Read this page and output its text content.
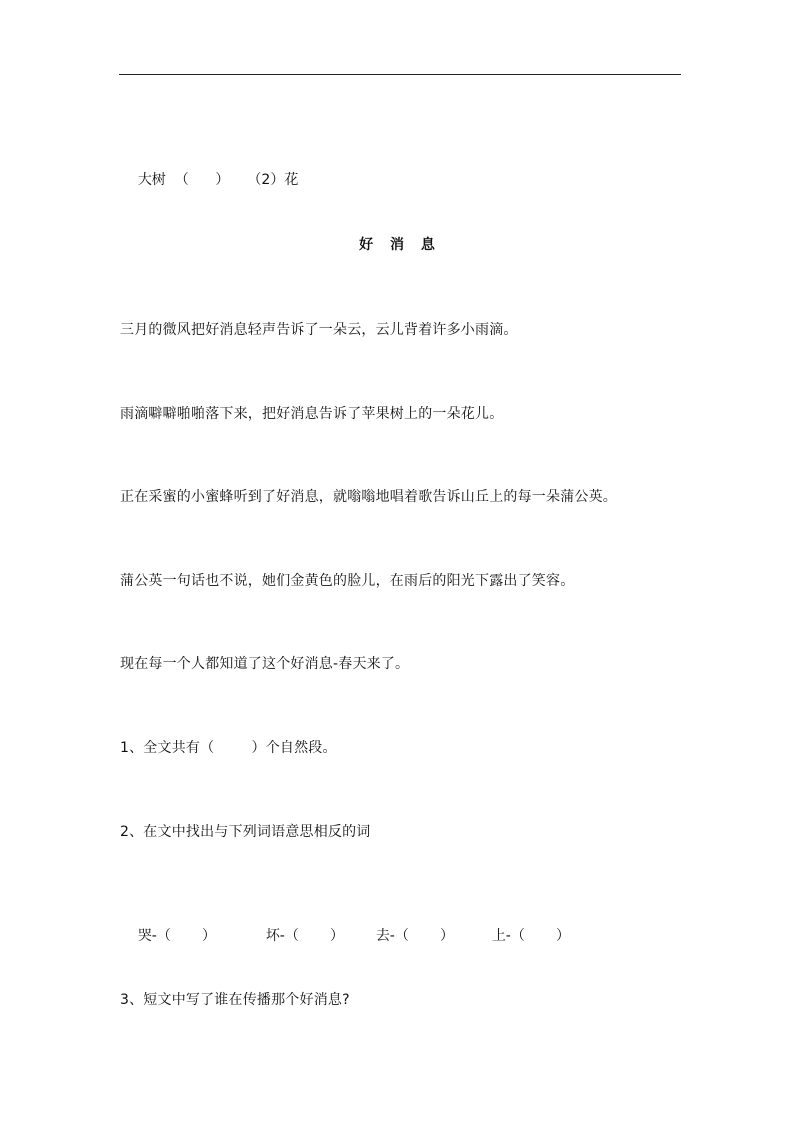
大树  （      ） （2）花

好 消 息
三月的微风把好消息轻声告诉了一朵云，云儿背着许多小雨滴。
雨滴噼噼啪啪落下来，把好消息告诉了苹果树上的一朵花儿。
正在采蜜的小蜜蜂听到了好消息，就嗡嗡地唱着歌告诉山丘上的每一朵蒲公英。
蒲公英一句话也不说，她们金黄色的脸儿，在雨后的阳光下露出了笑容。
现在每一个人都知道了这个好消息-春天来了。
1、全文共有（        ）个自然段。
2、在文中找出与下列词语意思相反的词

哭-（       ）	坏-（       ） 去-（       ）	上-（       ）

3、短文中写了谁在传播那个好消息?
